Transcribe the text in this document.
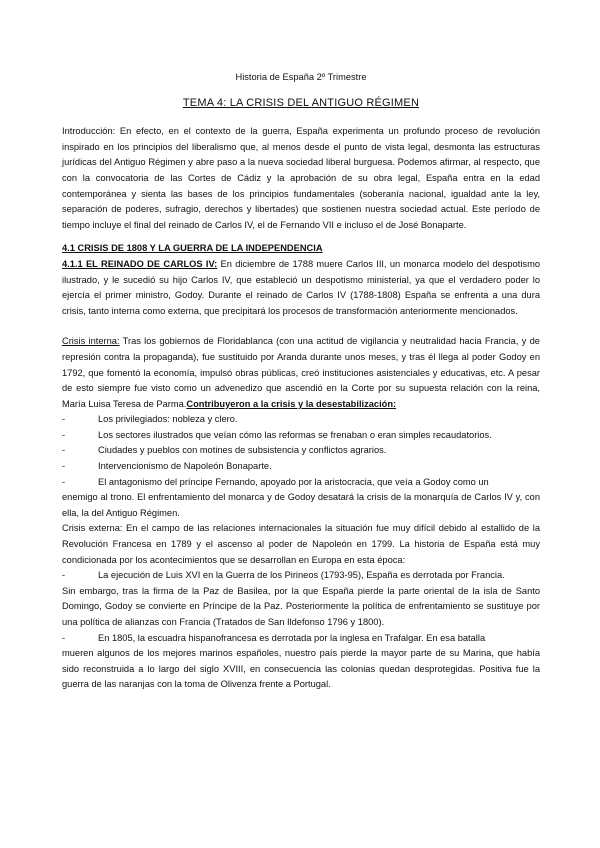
Historia de España 2º Trimestre
TEMA 4: LA CRISIS DEL ANTIGUO RÉGIMEN

Introducción: En efecto, en el contexto de la guerra, España experimenta un profundo proceso de revolución inspirado en los principios del liberalismo que, al menos desde el punto de vista legal, desmonta las estructuras jurídicas del Antiguo Régimen y abre paso a la nueva sociedad liberal burguesa. Podemos afirmar, al respecto, que con la convocatoria de las Cortes de Cádiz y la aprobación de su obra legal, España entra en la edad contemporánea y sienta las bases de los principios fundamentales (soberanía nacional, igualdad ante la ley, separación de poderes, sufragio, derechos y libertades) que sostienen nuestra sociedad actual. Este período de tiempo incluye el final del reinado de Carlos IV, el de Fernando VII e incluso el de José Bonaparte.

4.1 CRISIS DE 1808 Y LA GUERRA DE LA INDEPENDENCIA

4.1.1 EL REINADO DE CARLOS IV: En diciembre de 1788 muere Carlos III, un monarca modelo del despotismo ilustrado, y le sucedió su hijo Carlos IV, que estableció un despotismo ministerial, ya que el verdadero poder lo ejercía el primer ministro, Godoy. Durante el reinado de Carlos IV (1788-1808) España se enfrenta a una dura crisis, tanto interna como externa, que precipitará los procesos de transformación anteriormente mencionados.

Crisis interna: Tras los gobiernos de Floridablanca (con una actitud de vigilancia y neutralidad hacia Francia, y de represión contra la propaganda), fue sustituido por Aranda durante unos meses, y tras él llega al poder Godoy en 1792, que fomentó la economía, impulsó obras públicas, creó instituciones asistenciales y educativas, etc. A pesar de esto siempre fue visto como un advenedizo que ascendió en la Corte por su supuesta relación con la reina, María Luisa Teresa de Parma.Contribuyeron a la crisis y la desestabilización:

-	Los privilegiados: nobleza y clero.
-	Los sectores ilustrados que veían cómo las reformas se frenaban o eran simples recaudatorios.
-	Ciudades y pueblos con motines de subsistencia y conflictos agrarios.
-	Intervencionismo de Napoleón Bonaparte.
-	El antagonismo del príncipe Fernando, apoyado por la aristocracia, que veía a Godoy como un

enemigo al trono. El enfrentamiento del monarca y de Godoy desatará la crisis de la monarquía de Carlos IV y, con ella, la del Antiguo Régimen.

Crisis externa: En el campo de las relaciones internacionales la situación fue muy difícil debido al estallido de la Revolución Francesa en 1789 y el ascenso al poder de Napoleón en 1799. La historia de España está muy condicionada por los acontecimientos que se desarrollan en Europa en esta época:

-	La ejecución de Luis XVI en la Guerra de los Pirineos (1793-95), España es derrotada por Francia.

Sin embargo, tras la firma de la Paz de Basilea, por la que España pierde la parte oriental de la isla de Santo Domingo, Godoy se convierte en Príncipe de la Paz. Posteriormente la política de enfrentamiento se sustituye por una política de alianzas con Francia (Tratados de San Ildefonso 1796 y 1800).

-	En 1805, la escuadra hispanofrancesa es derrotada por la inglesa en Trafalgar. En esa batalla

mueren algunos de los mejores marinos españoles, nuestro país pierde la mayor parte de su Marina, que había sido reconstruida a lo largo del siglo XVIII, en consecuencia las colonias quedan desprotegidas. Positiva fue la guerra de las naranjas con la toma de Olivenza frente a Portugal.
